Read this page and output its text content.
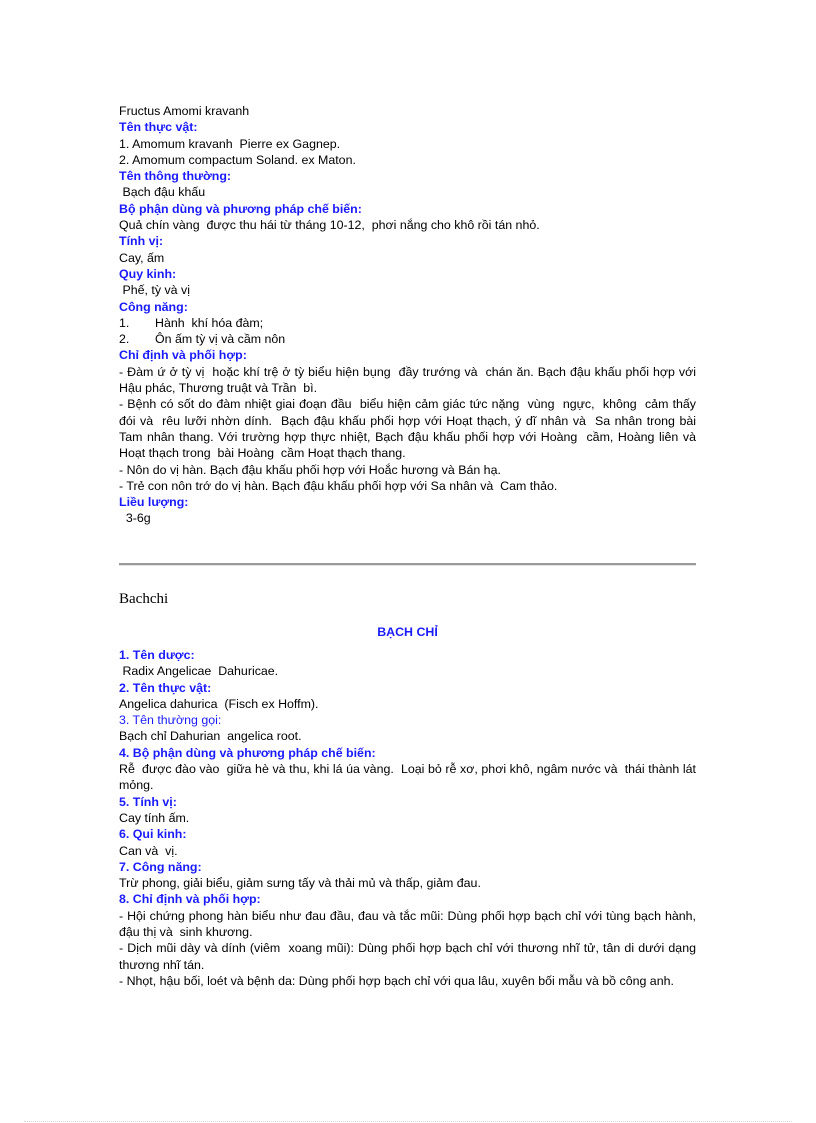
Fructus Amomi kravanh

Tên thực vật:

1. Amomum kravanh  Pierre ex Gagnep.

2. Amomum compactum Soland. ex Maton.

Tên thông thường:

Bạch đậu khấu

Bộ phận dùng và phương pháp chế biến:

Quả chín vàng  được thu hái từ tháng 10-12,  phơi nắng cho khô rồi tán nhỏ.

Tính vị:

Cay, ấm

Quy kinh:

Phế, tỳ và vị

Công năng:

1.	Hành  khí hóa đàm;
2.	Ôn ấm tỳ vị và cầm nôn

Chỉ định và phối hợp:

- Đàm ứ ở tỳ vị  hoặc khí trệ ở tỳ biểu hiện bụng  đầy trướng và  chán ăn. Bạch đậu khấu phối hợp với Hậu phác, Thương truật và Trần  bì.

- Bệnh có sốt do đàm nhiệt giai đoạn đầu  biểu hiện cảm giác tức nặng  vùng  ngực,  không  cảm thấy đói và  rêu lưỡi nhờn dính.  Bạch đậu khấu phối hợp với Hoạt thạch, ý dĩ nhân và  Sa nhân trong bài Tam nhân thang. Với trường hợp thực nhiệt, Bạch đậu khấu phối hợp với Hoàng  cầm, Hoàng liên và  Hoạt thạch trong  bài Hoàng  cầm Hoạt thạch thang.

- Nôn do vị hàn. Bạch đậu khấu phối hợp với Hoắc hương và Bán hạ.

- Trẻ con nôn trớ do vị hàn. Bạch đậu khấu phối hợp với Sa nhân và  Cam thảo.

Liều lượng:

3-6g

Bachchi

BẠCH CHỈ

1. Tên dược:

Radix Angelicae  Dahuricae.

2. Tên thực vật:

Angelica dahurica  (Fisch ex Hoffm).

3. Tên thường gọi:

Bạch chỉ Dahurian  angelica root.

4. Bộ phận dùng và phương pháp chế biến:

Rễ  được đào vào  giữa hè và thu, khi lá úa vàng.  Loại bỏ rễ xơ, phơi khô, ngâm nước và  thái thành lát mỏng.

5. Tính vị:

Cay tính ấm.

6. Qui kinh:

Can và  vị.

7. Công năng:

Trừ phong, giải biểu, giảm sưng tấy và thải mủ và thấp, giảm đau.

8. Chỉ định và phối hợp:

- Hội chứng phong hàn biểu như đau đầu, đau và tắc mũi: Dùng phối hợp bạch chỉ với tùng bạch hành, đậu thị và  sinh khương.

- Dịch mũi dày và dính (viêm  xoang mũi): Dùng phối hợp bạch chỉ với thương nhĩ tử, tân di dưới dạng thương nhĩ tán.

- Nhọt, hậu bối, loét và bệnh da: Dùng phối hợp bạch chỉ với qua lâu, xuyên bối mẫu và bồ công anh.
